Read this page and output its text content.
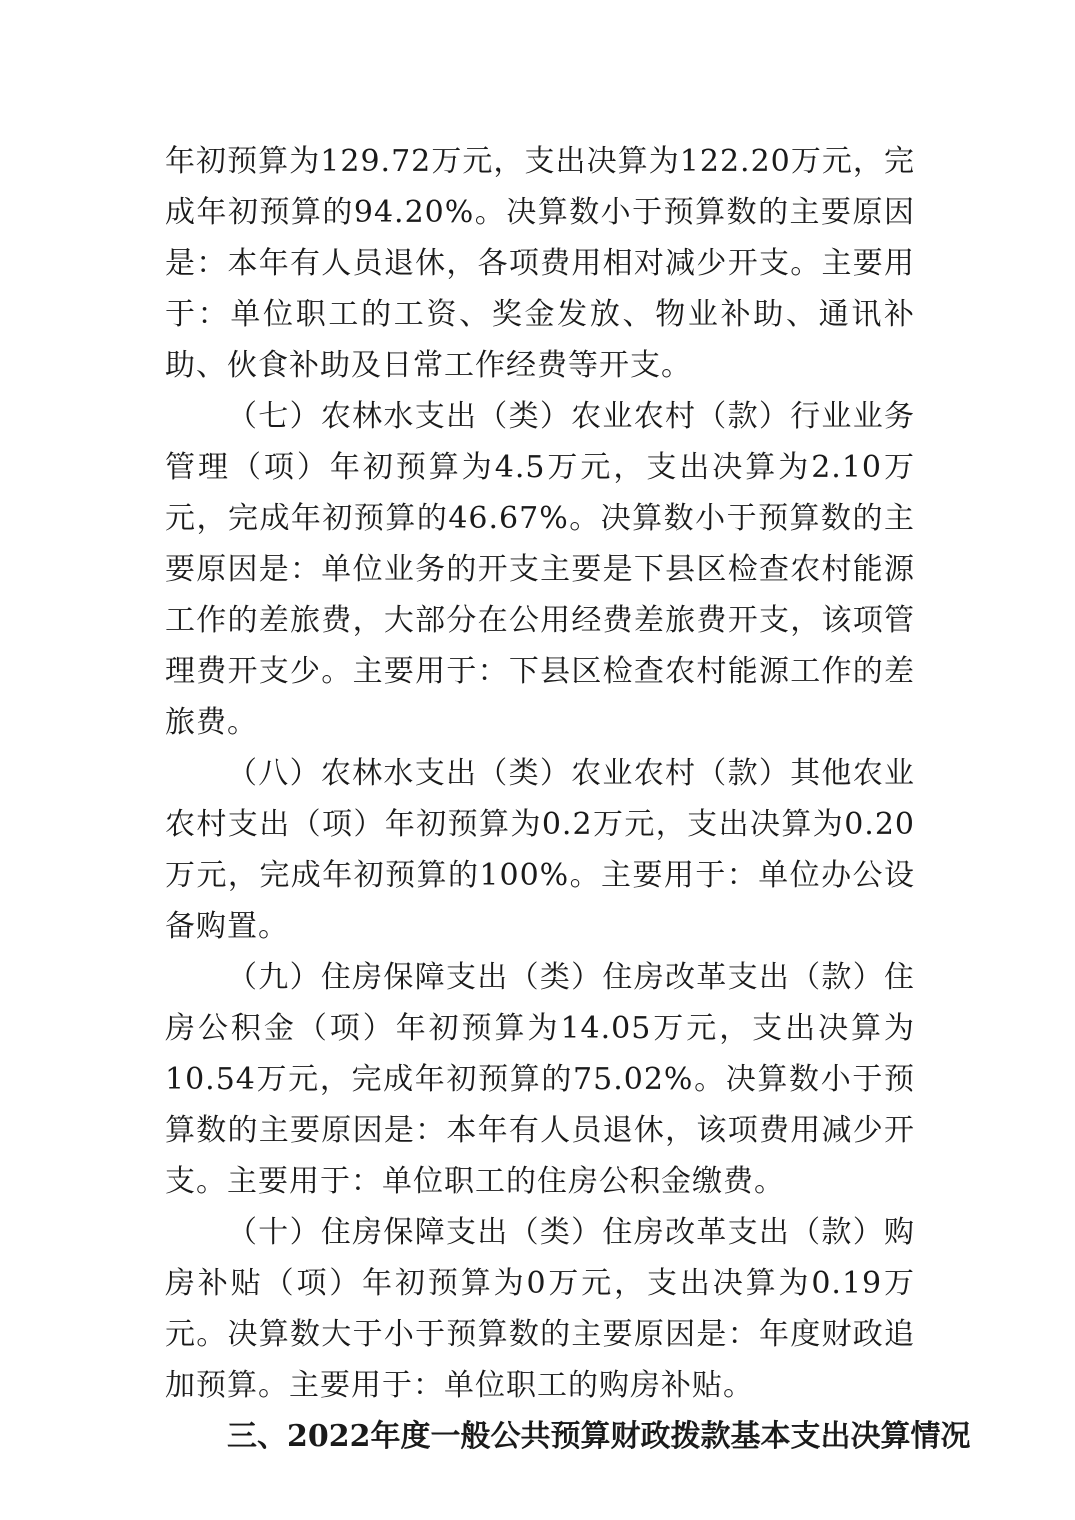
年初预算为129.72万元，支出决算为122.20万元，完成年初预算的94.20%。决算数小于预算数的主要原因是：本年有人员退休，各项费用相对减少开支。主要用于：单位职工的工资、奖金发放、物业补助、通讯补助、伙食补助及日常工作经费等开支。

（七）农林水支出（类）农业农村（款）行业业务管理（项）年初预算为4.5万元，支出决算为2.10万元，完成年初预算的46.67%。决算数小于预算数的主要原因是：单位业务的开支主要是下县区检查农村能源工作的差旅费，大部分在公用经费差旅费开支，该项管理费开支少。主要用于：下县区检查农村能源工作的差旅费。

（八）农林水支出（类）农业农村（款）其他农业农村支出（项）年初预算为0.2万元，支出决算为0.20万元，完成年初预算的100%。主要用于：单位办公设备购置。

（九）住房保障支出（类）住房改革支出（款）住房公积金（项）年初预算为14.05万元，支出决算为10.54万元，完成年初预算的75.02%。决算数小于预算数的主要原因是：本年有人员退休，该项费用减少开支。主要用于：单位职工的住房公积金缴费。

（十）住房保障支出（类）住房改革支出（款）购房补贴（项）年初预算为0万元，支出决算为0.19万元。决算数大于小于预算数的主要原因是：年度财政追加预算。主要用于：单位职工的购房补贴。

三、2022年度一般公共预算财政拨款基本支出决算情况
